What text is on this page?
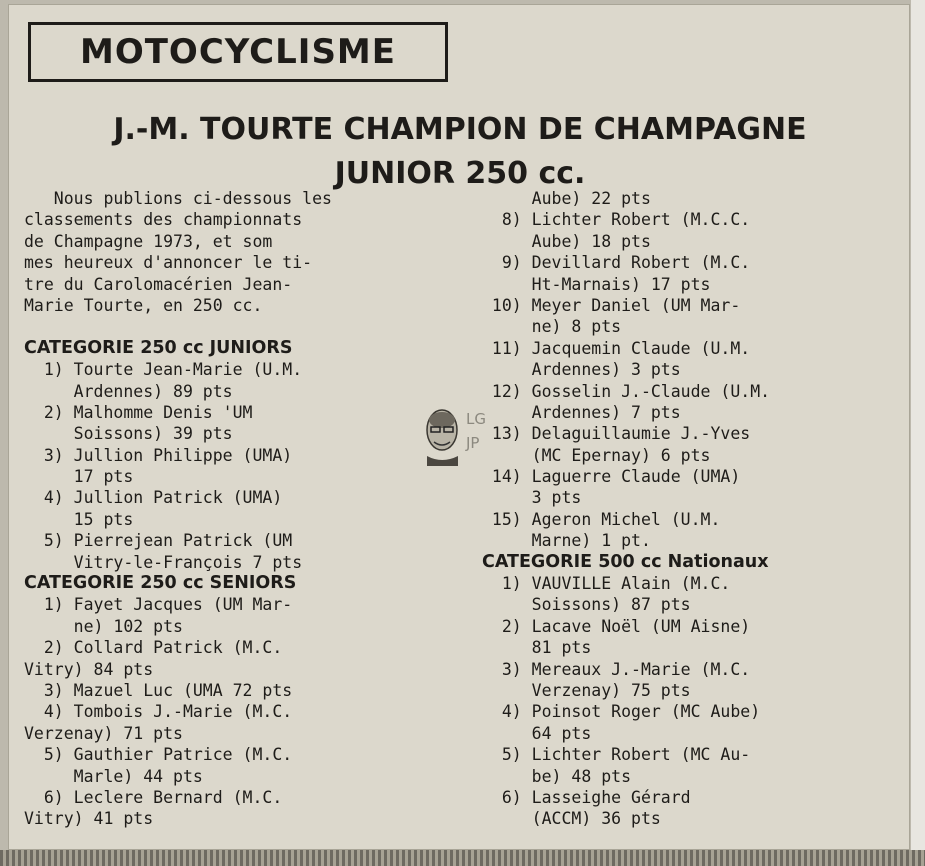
MOTOCYCLISME
J.-M. TOURTE CHAMPION DE CHAMPAGNE
JUNIOR 250 cc.
Nous publions ci-dessous les
classements des championnats
de Champagne 1973, et som
mes heureux d'annoncer le ti-
tre du Carolomacérien Jean-
Marie Tourte, en 250 cc.
CATEGORIE 250 cc JUNIORS
1) Tourte Jean-Marie (U.M.
Ardennes) 89 pts
2) Malhomme Denis 'UM
Soissons) 39 pts
3) Jullion Philippe (UMA)
17 pts
4) Jullion Patrick (UMA)
15 pts
5) Pierrejean Patrick (UM
Vitry-le-François 7 pts
CATEGORIE 250 cc SENIORS
1) Fayet Jacques (UM Mar-
ne) 102 pts
2) Collard Patrick (M.C.
Vitry) 84 pts
3) Mazuel Luc (UMA 72 pts
4) Tombois J.-Marie (M.C.
Verzenay) 71 pts
5) Gauthier Patrice (M.C.
Marle) 44 pts
6) Leclere Bernard (M.C.
Vitry) 41 pts
Aube) 22 pts
8) Lichter Robert (M.C.C.
Aube) 18 pts
9) Devillard Robert (M.C.
Ht-Marnais) 17 pts
10) Meyer Daniel (UM Mar-
ne) 8 pts
11) Jacquemin Claude (U.M.
Ardennes) 3 pts
12) Gosselin J.-Claude (U.M.
Ardennes) 7 pts
13) Delaguillaumie J.-Yves
(MC Epernay) 6 pts
14) Laguerre Claude (UMA)
3 pts
15) Ageron Michel (U.M.
Marne) 1 pt.
CATEGORIE 500 cc Nationaux
1) VAUVILLE Alain (M.C.
Soissons) 87 pts
2) Lacave Noël (UM Aisne)
81 pts
3) Mereaux J.-Marie (M.C.
Verzenay) 75 pts
4) Poinsot Roger (MC Aube)
64 pts
5) Lichter Robert (MC Au-
be) 48 pts
6) Lasseighe Gérard
(ACCM) 36 pts
LG
JP
